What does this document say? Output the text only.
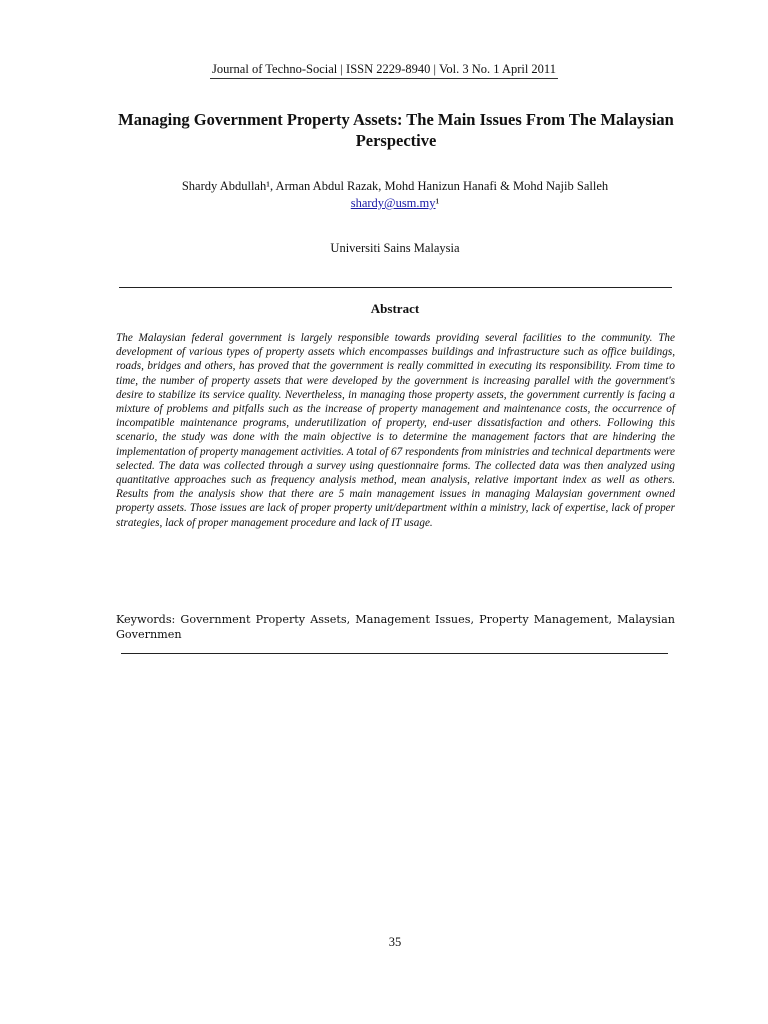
Journal of Techno-Social | ISSN 2229-8940 | Vol. 3 No. 1 April 2011
Managing Government Property Assets: The Main Issues From The Malaysian Perspective
Shardy Abdullah¹, Arman Abdul Razak, Mohd Hanizun Hanafi & Mohd Najib Salleh
shardy@usm.my¹
Universiti Sains Malaysia
Abstract
The Malaysian federal government is largely responsible towards providing several facilities to the community. The development of various types of property assets which encompasses buildings and infrastructure such as office buildings, roads, bridges and others, has proved that the government is really committed in executing its responsibility. From time to time, the number of property assets that were developed by the government is increasing parallel with the government's desire to stabilize its service quality. Nevertheless, in managing those property assets, the government currently is facing a mixture of problems and pitfalls such as the increase of property management and maintenance costs, the occurrence of incompatible maintenance programs, underutilization of property, end-user dissatisfaction and others. Following this scenario, the study was done with the main objective is to determine the management factors that are hindering the implementation of property management activities. A total of 67 respondents from ministries and technical departments were selected. The data was collected through a survey using questionnaire forms. The collected data was then analyzed using quantitative approaches such as frequency analysis method, mean analysis, relative important index as well as others. Results from the analysis show that there are 5 main management issues in managing Malaysian government owned property assets. Those issues are lack of proper property unit/department within a ministry, lack of expertise, lack of proper strategies, lack of proper management procedure and lack of IT usage.
Keywords: Government Property Assets, Management Issues, Property Management, Malaysian Governmen
35
